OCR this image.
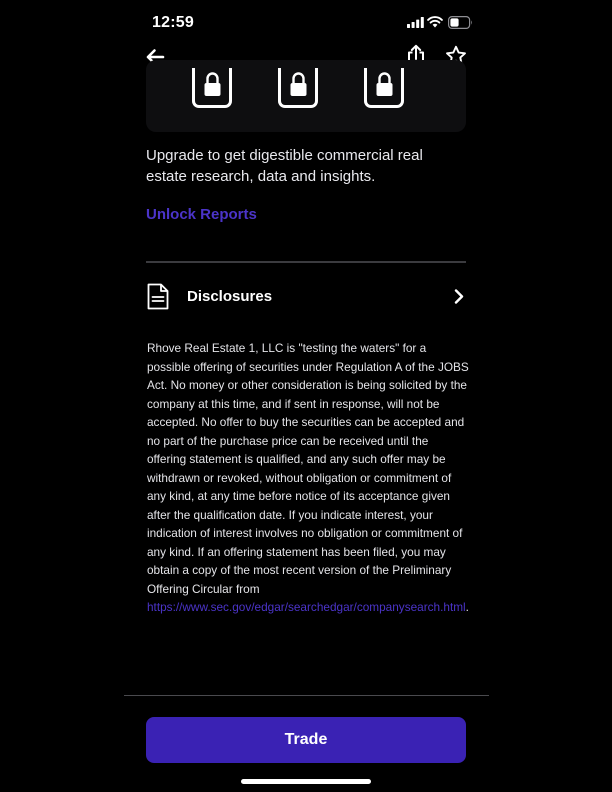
12:59

Upgrade to get digestible commercial real estate research, data and insights.

Unlock Reports
Disclosures
Rhove Real Estate 1, LLC is "testing the waters" for a possible offering of securities under Regulation A of the JOBS Act. No money or other consideration is being solicited by the company at this time, and if sent in response, will not be accepted. No offer to buy the securities can be accepted and no part of the purchase price can be received until the offering statement is qualified, and any such offer may be withdrawn or revoked, without obligation or commitment of any kind, at any time before notice of its acceptance given after the qualification date. If you indicate interest, your indication of interest involves no obligation or commitment of any kind. If an offering statement has been filed, you may obtain a copy of the most recent version of the Preliminary Offering Circular from https://www.sec.gov/edgar/searchedgar/companysearch.html.
Trade
